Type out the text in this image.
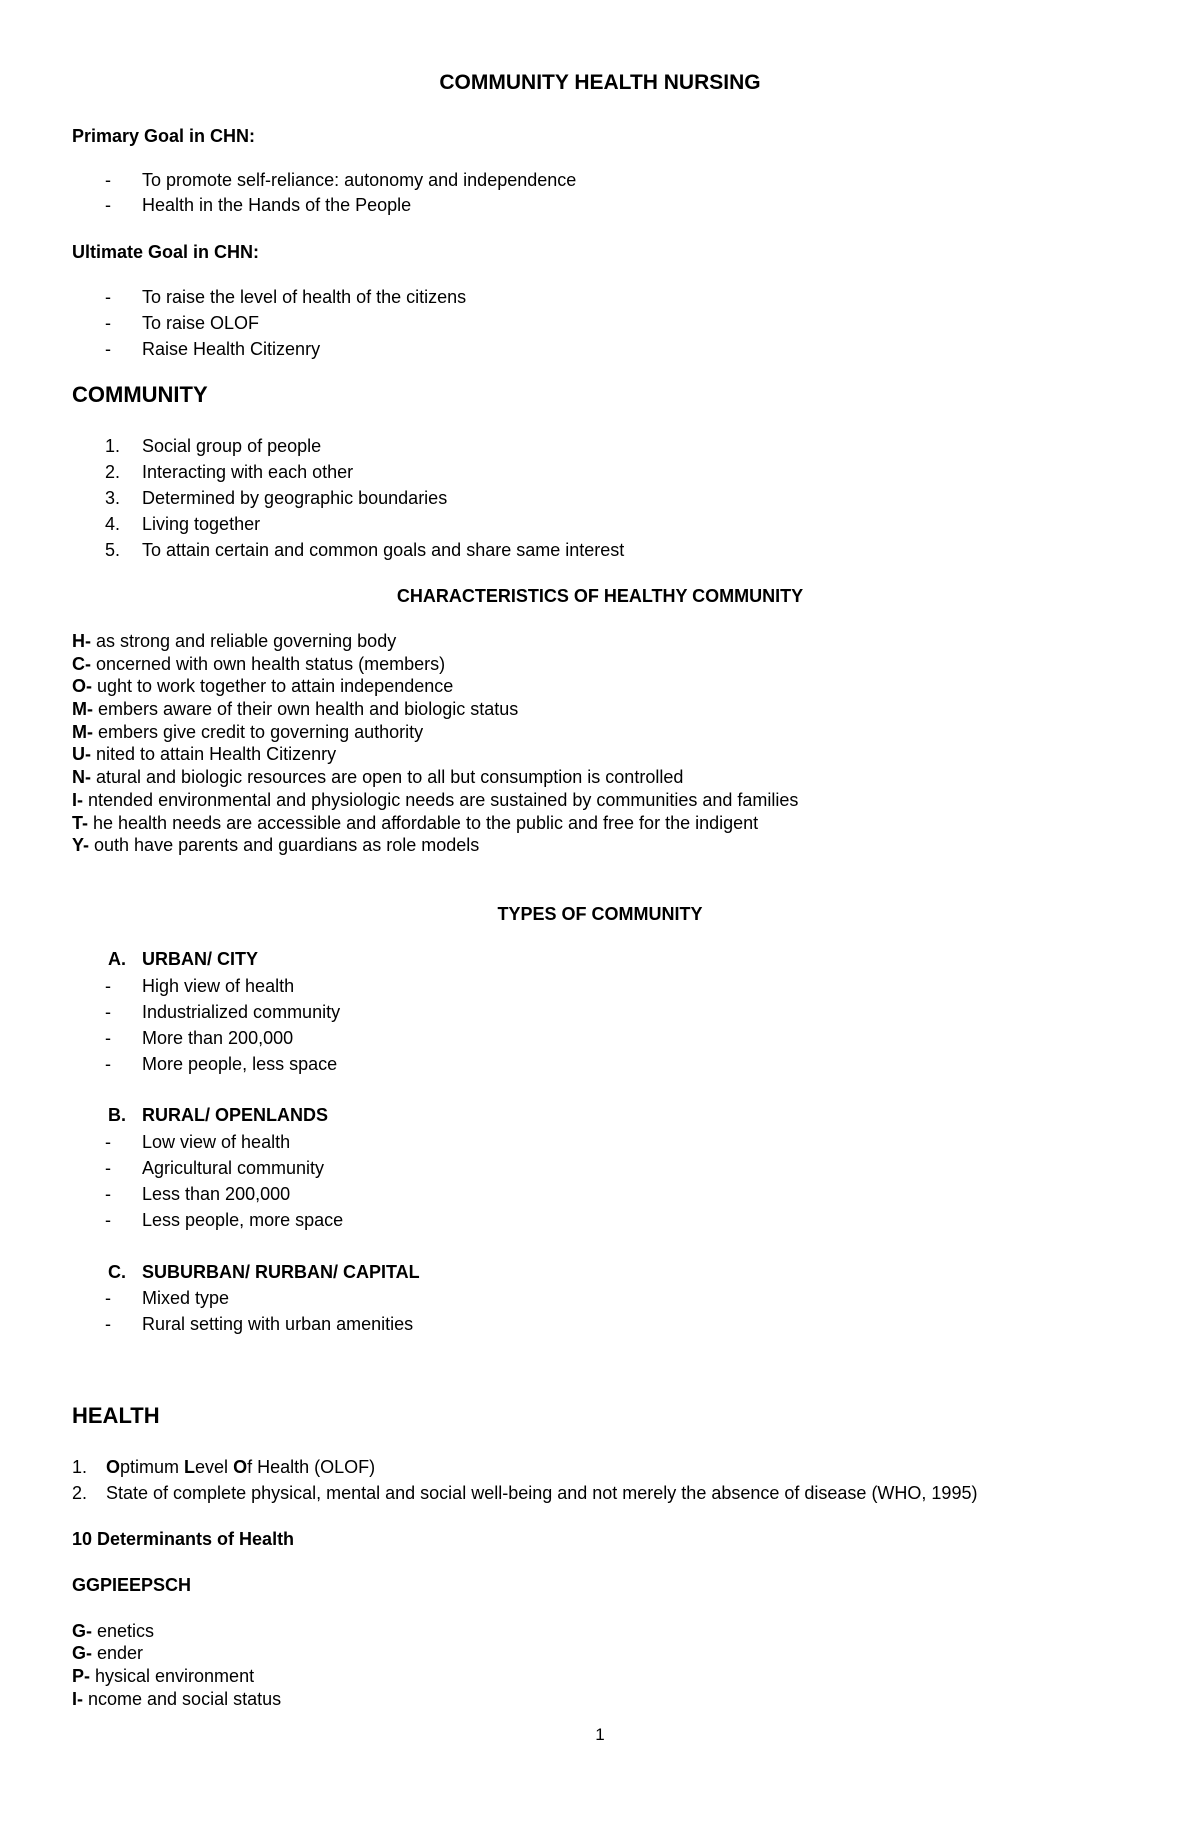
COMMUNITY HEALTH NURSING
Primary Goal in CHN:
- To promote self-reliance: autonomy and independence
- Health in the Hands of the People
Ultimate Goal in CHN:
- To raise the level of health of the citizens
- To raise OLOF
- Raise Health Citizenry
COMMUNITY
1. Social group of people
2. Interacting with each other
3. Determined by geographic boundaries
4. Living together
5. To attain certain and common goals and share same interest
CHARACTERISTICS OF HEALTHY COMMUNITY
H- as strong and reliable governing body
C- oncerned with own health status (members)
O- ught to work together to attain independence
M- embers aware of their own health and biologic status
M- embers give credit to governing authority
U- nited to attain Health Citizenry
N- atural and biologic resources are open to all but consumption is controlled
I- ntended environmental and physiologic needs are sustained by communities and families
T- he health needs are accessible and affordable to the public and free for the indigent
Y- outh have parents and guardians as role models
TYPES OF COMMUNITY
A. URBAN/ CITY
- High view of health
- Industrialized community
- More than 200,000
- More people, less space
B. RURAL/ OPENLANDS
- Low view of health
- Agricultural community
- Less than 200,000
- Less people, more space
C. SUBURBAN/ RURBAN/ CAPITAL
- Mixed type
- Rural setting with urban amenities
HEALTH
1. Optimum Level Of Health (OLOF)
2. State of complete physical, mental and social well-being and not merely the absence of disease (WHO, 1995)
10 Determinants of Health
GGPIEEPSCH
G- enetics
G- ender
P- hysical environment
I- ncome and social status
1
